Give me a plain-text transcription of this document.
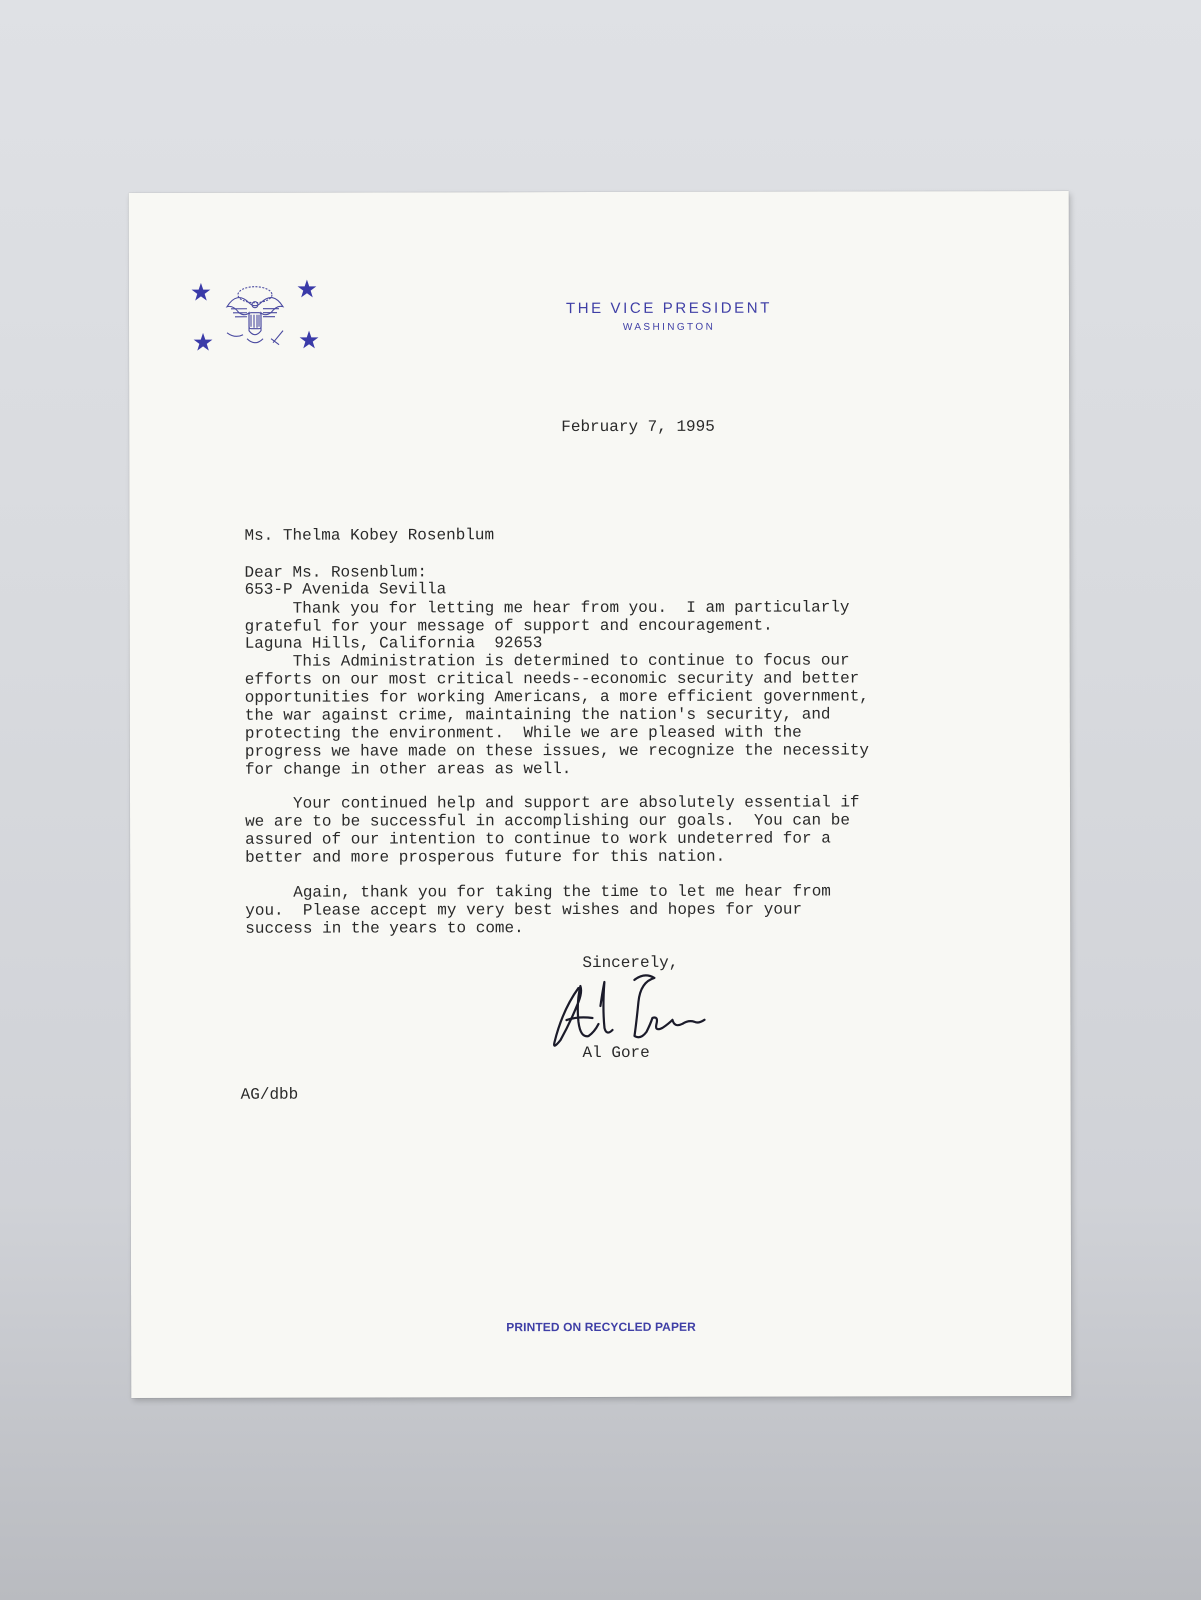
THE VICE PRESIDENT
WASHINGTON
February 7, 1995

Ms. Thelma Kobey Rosenblum

653-P Avenida Sevilla

Laguna Hills, California  92653

Dear Ms. Rosenblum:
Thank you for letting me hear from you.  I am particularly
grateful for your message of support and encouragement.
This Administration is determined to continue to focus our
efforts on our most critical needs--economic security and better
opportunities for working Americans, a more efficient government,
the war against crime, maintaining the nation's security, and
protecting the environment.  While we are pleased with the
progress we have made on these issues, we recognize the necessity
for change in other areas as well.
Your continued help and support are absolutely essential if
we are to be successful in accomplishing our goals.  You can be
assured of our intention to continue to work undeterred for a
better and more prosperous future for this nation.
Again, thank you for taking the time to let me hear from
you.  Please accept my very best wishes and hopes for your
success in the years to come.
Sincerely,
Al Gore
AG/dbb
PRINTED ON RECYCLED PAPER
